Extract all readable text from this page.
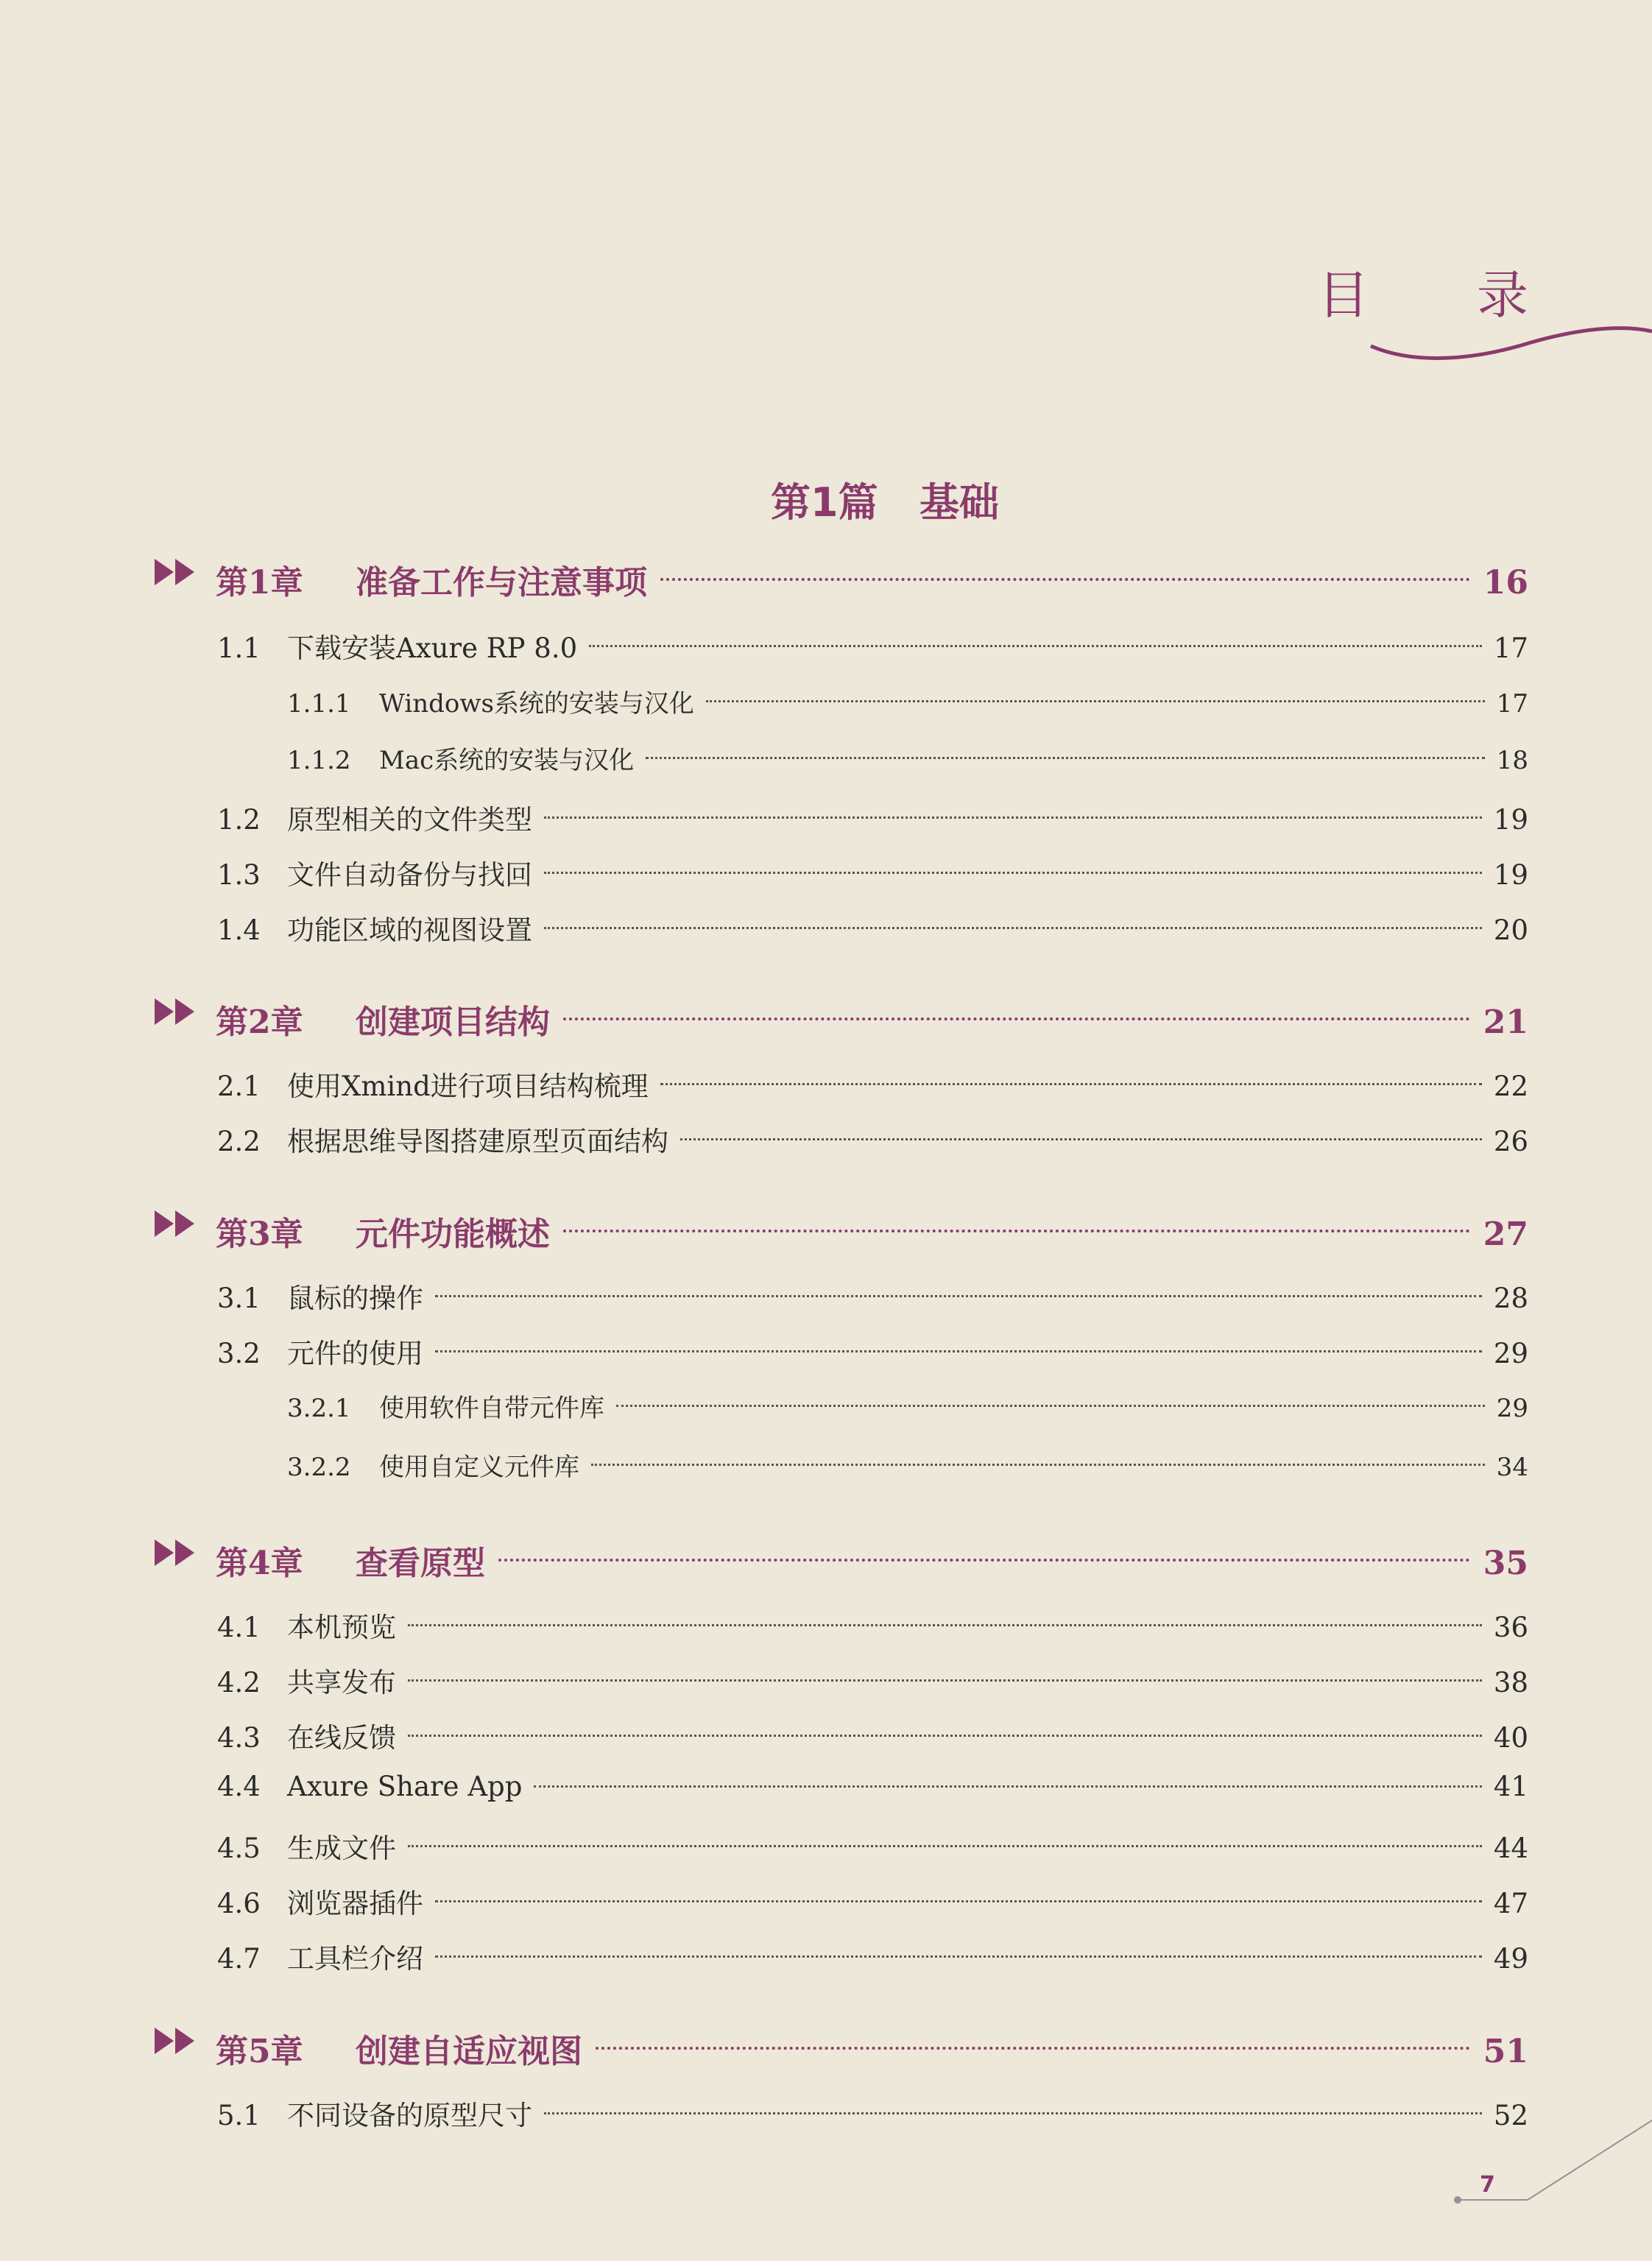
目 录
第1篇   基础
第1章	准备工作与注意事项	16
1.1 下载安装Axure RP 8.0	17
1.1.1	Windows系统的安装与汉化	17
1.1.2	Mac系统的安装与汉化	18
1.2 原型相关的文件类型	19
1.3 文件自动备份与找回	19
1.4 功能区域的视图设置	20
第2章	创建项目结构	21
2.1 使用Xmind进行项目结构梳理	22
2.2 根据思维导图搭建原型页面结构	26
第3章	元件功能概述	27
3.1 鼠标的操作	28
3.2 元件的使用	29
3.2.1	使用软件自带元件库	29
3.2.2	使用自定义元件库	34
第4章	查看原型	35
4.1 本机预览	36
4.2 共享发布	38
4.3 在线反馈	40
4.4 Axure Share App	41
4.5 生成文件	44
4.6 浏览器插件	47
4.7 工具栏介绍	49
第5章	创建自适应视图	51
5.1 不同设备的原型尺寸	52
7
